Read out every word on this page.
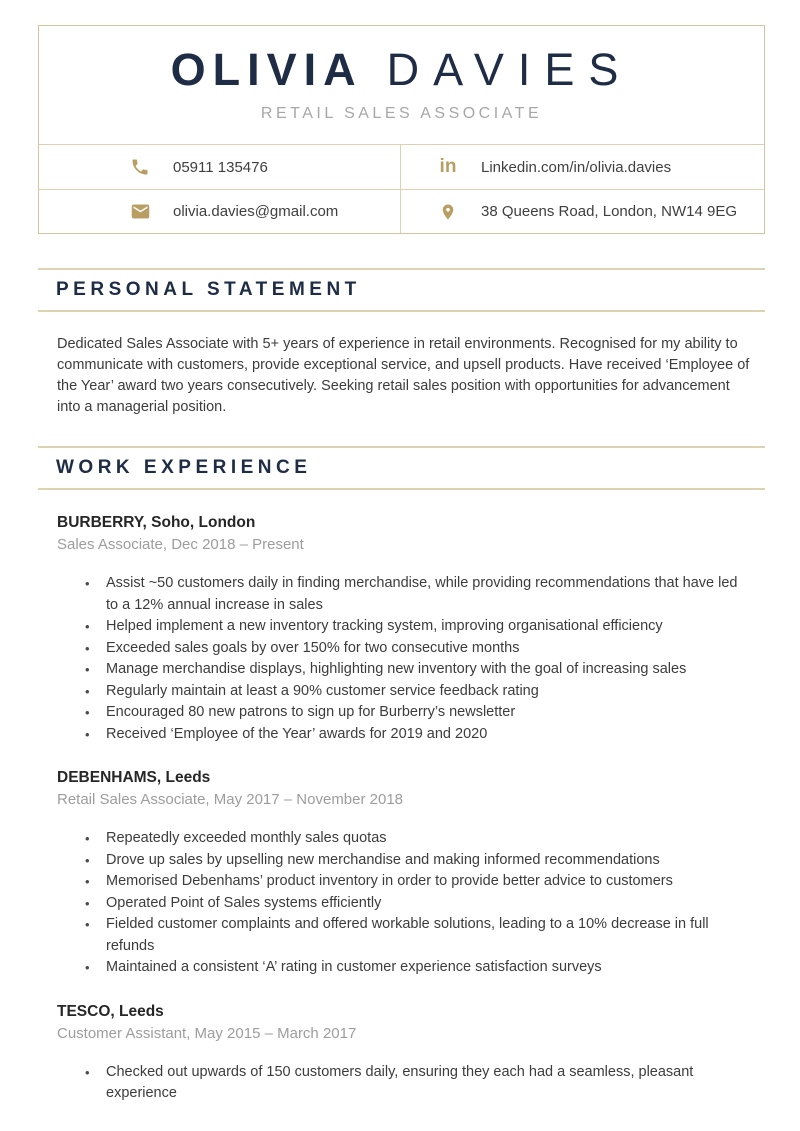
OLIVIA DAVIES
RETAIL SALES ASSOCIATE
05911 135476	in Linkedin.com/in/olivia.davies
olivia.davies@gmail.com	38 Queens Road, London, NW14 9EG
PERSONAL STATEMENT

Dedicated Sales Associate with 5+ years of experience in retail environments. Recognised for my ability to communicate with customers, provide exceptional service, and upsell products. Have received ‘Employee of the Year’ award two years consecutively. Seeking retail sales position with opportunities for advancement into a managerial position.

WORK EXPERIENCE
BURBERRY, Soho, London
Sales Associate, Dec 2018 – Present
• Assist ~50 customers daily in finding merchandise, while providing recommendations that have led to a 12% annual increase in sales
• Helped implement a new inventory tracking system, improving organisational efficiency
• Exceeded sales goals by over 150% for two consecutive months
• Manage merchandise displays, highlighting new inventory with the goal of increasing sales
• Regularly maintain at least a 90% customer service feedback rating
• Encouraged 80 new patrons to sign up for Burberry’s newsletter
• Received ‘Employee of the Year’ awards for 2019 and 2020
DEBENHAMS, Leeds
Retail Sales Associate, May 2017 – November 2018
• Repeatedly exceeded monthly sales quotas
• Drove up sales by upselling new merchandise and making informed recommendations
• Memorised Debenhams’ product inventory in order to provide better advice to customers
• Operated Point of Sales systems efficiently
• Fielded customer complaints and offered workable solutions, leading to a 10% decrease in full refunds
• Maintained a consistent ‘A’ rating in customer experience satisfaction surveys
TESCO, Leeds
Customer Assistant, May 2015 – March 2017
• Checked out upwards of 150 customers daily, ensuring they each had a seamless, pleasant experience
